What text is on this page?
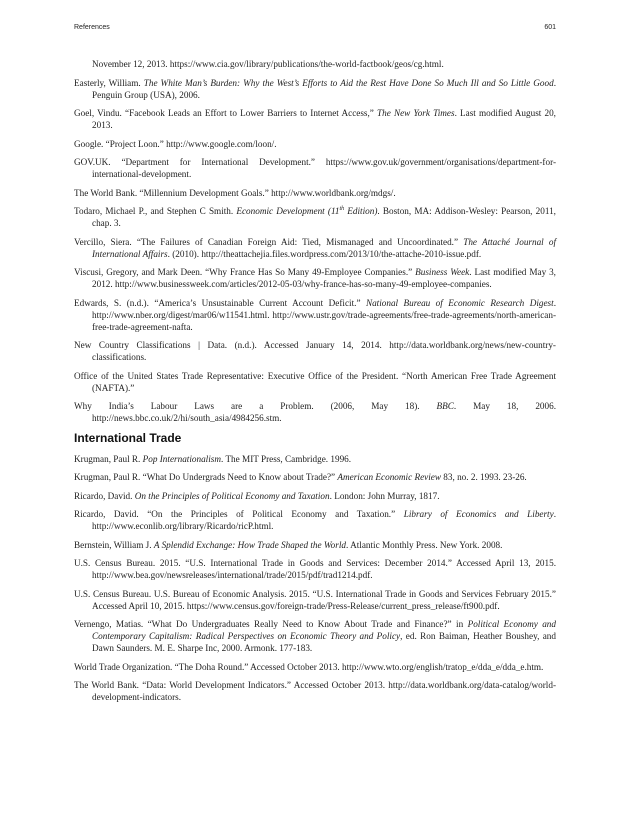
References	601

November 12, 2013. https://www.cia.gov/library/publications/the-world-factbook/geos/cg.html.

Easterly, William. The White Man’s Burden: Why the West’s Efforts to Aid the Rest Have Done So Much Ill and So Little Good. Penguin Group (USA), 2006.

Goel, Vindu. “Facebook Leads an Effort to Lower Barriers to Internet Access,” The New York Times. Last modified August 20, 2013.

Google. “Project Loon.” http://www.google.com/loon/.

GOV.UK. “Department for International Development.” https://www.gov.uk/government/organisations/department-for-international-development.

The World Bank. “Millennium Development Goals.” http://www.worldbank.org/mdgs/.

Todaro, Michael P., and Stephen C Smith. Economic Development (11th Edition). Boston, MA: Addison-Wesley: Pearson, 2011, chap. 3.

Vercillo, Siera. “The Failures of Canadian Foreign Aid: Tied, Mismanaged and Uncoordinated.” The Attaché Journal of International Affairs. (2010). http://theattachejia.files.wordpress.com/2013/10/the-attache-2010-issue.pdf.

Viscusi, Gregory, and Mark Deen. “Why France Has So Many 49-Employee Companies.” Business Week. Last modified May 3, 2012. http://www.businessweek.com/articles/2012-05-03/why-france-has-so-many-49-employee-companies.

Edwards, S. (n.d.). “America’s Unsustainable Current Account Deficit.” National Bureau of Economic Research Digest. http://www.nber.org/digest/mar06/w11541.html. http://www.ustr.gov/trade-agreements/free-trade-agreements/north-american-free-trade-agreement-nafta.

New Country Classifications | Data. (n.d.). Accessed January 14, 2014. http://data.worldbank.org/news/new-country-classifications.

Office of the United States Trade Representative: Executive Office of the President. “North American Free Trade Agreement (NAFTA).”

Why India’s Labour Laws are a Problem. (2006, May 18). BBC. May 18, 2006. http://news.bbc.co.uk/2/hi/south_asia/4984256.stm.

International Trade

Krugman, Paul R. Pop Internationalism. The MIT Press, Cambridge. 1996.

Krugman, Paul R. “What Do Undergrads Need to Know about Trade?” American Economic Review 83, no. 2. 1993. 23-26.

Ricardo, David. On the Principles of Political Economy and Taxation. London: John Murray, 1817.

Ricardo, David. “On the Principles of Political Economy and Taxation.” Library of Economics and Liberty. http://www.econlib.org/library/Ricardo/ricP.html.

Bernstein, William J. A Splendid Exchange: How Trade Shaped the World. Atlantic Monthly Press. New York. 2008.

U.S. Census Bureau. 2015. “U.S. International Trade in Goods and Services: December 2014.” Accessed April 13, 2015. http://www.bea.gov/newsreleases/international/trade/2015/pdf/trad1214.pdf.

U.S. Census Bureau. U.S. Bureau of Economic Analysis. 2015. “U.S. International Trade in Goods and Services February 2015.” Accessed April 10, 2015. https://www.census.gov/foreign-trade/Press-Release/current_press_release/ft900.pdf.

Vernengo, Matias. “What Do Undergraduates Really Need to Know About Trade and Finance?” in Political Economy and Contemporary Capitalism: Radical Perspectives on Economic Theory and Policy, ed. Ron Baiman, Heather Boushey, and Dawn Saunders. M. E. Sharpe Inc, 2000. Armonk. 177-183.

World Trade Organization. “The Doha Round.” Accessed October 2013. http://www.wto.org/english/tratop_e/dda_e/dda_e.htm.

The World Bank. “Data: World Development Indicators.” Accessed October 2013. http://data.worldbank.org/data-catalog/world-development-indicators.
